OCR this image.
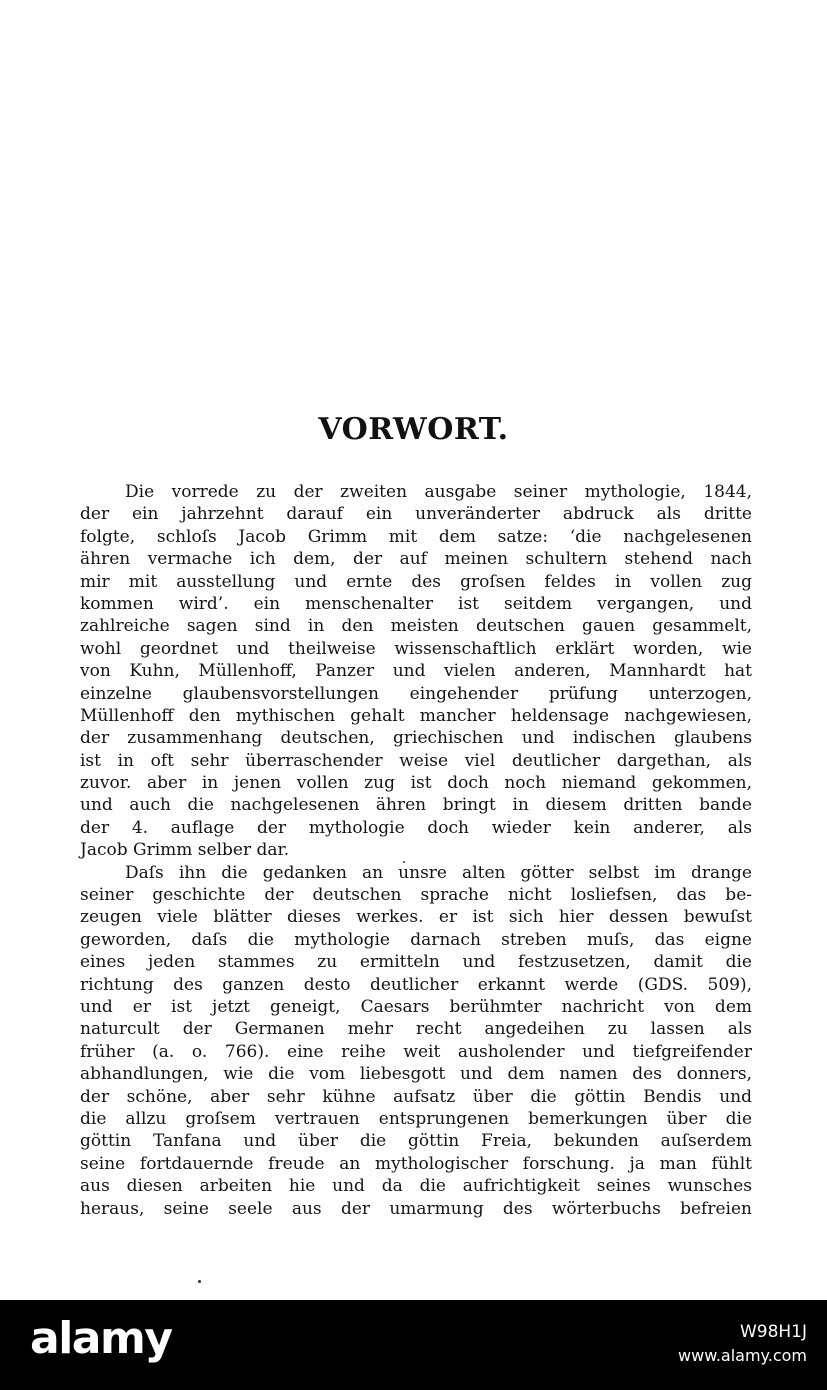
VORWORT.
Die vorrede zu der zweiten ausgabe seiner mythologie, 1844,
der ein jahrzehnt darauf ein unveränderter abdruck als dritte
folgte, schloſs Jacob Grimm mit dem satze: ‘die nachgelesenen
ähren vermache ich dem, der auf meinen schultern stehend nach
mir mit ausstellung und ernte des groſsen feldes in vollen zug
kommen wird’. ein menschenalter ist seitdem vergangen, und
zahlreiche sagen sind in den meisten deutschen gauen gesammelt,
wohl geordnet und theilweise wissenschaftlich erklärt worden, wie
von Kuhn, Müllenhoff, Panzer und vielen anderen, Mannhardt hat
einzelne glaubensvorstellungen eingehender prüfung unterzogen,
Müllenhoff den mythischen gehalt mancher heldensage nachgewiesen,
der zusammenhang deutschen, griechischen und indischen glaubens
ist in oft sehr überraschender weise viel deutlicher dargethan, als
zuvor. aber in jenen vollen zug ist doch noch niemand gekommen,
und auch die nachgelesenen ähren bringt in diesem dritten bande
der 4. auflage der mythologie doch wieder kein anderer, als
Jacob Grimm selber dar.
Daſs ihn die gedanken an unsre alten götter selbst im drange
seiner geschichte der deutschen sprache nicht losliefsen, das be-
zeugen viele blätter dieses werkes. er ist sich hier dessen bewuſst
geworden, daſs die mythologie darnach streben muſs, das eigne
eines jeden stammes zu ermitteln und festzusetzen, damit die
richtung des ganzen desto deutlicher erkannt werde (GDS. 509),
und er ist jetzt geneigt, Caesars berühmter nachricht von dem
naturcult der Germanen mehr recht angedeihen zu lassen als
früher (a. o. 766). eine reihe weit ausholender und tiefgreifender
abhandlungen, wie die vom liebesgott und dem namen des donners,
der schöne, aber sehr kühne aufsatz über die göttin Bendis und
die allzu groſsem vertrauen entsprungenen bemerkungen über die
göttin Tanfana und über die göttin Freia, bekunden auſserdem
seine fortdauernde freude an mythologischer forschung. ja man fühlt
aus diesen arbeiten hie und da die aufrichtigkeit seines wunsches
heraus, seine seele aus der umarmung des wörterbuchs befreien
alamy	W98H1J
www.alamy.com
